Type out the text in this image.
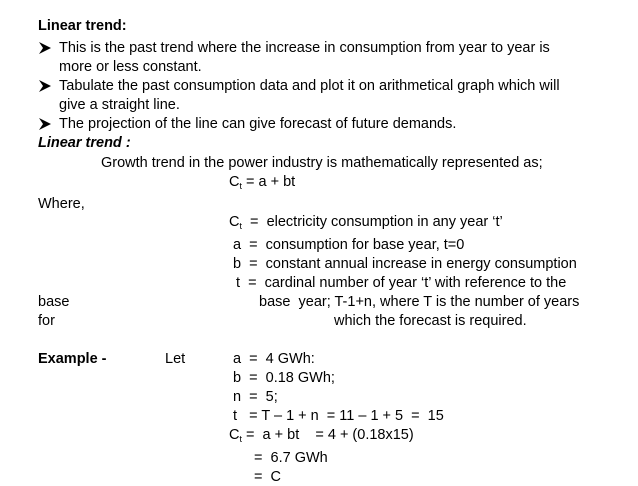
Linear trend:
This is the past trend where the increase in consumption from year to year is
more or less constant.
Tabulate the past consumption data and plot it on arithmetical graph which will
give a straight line.
The projection of the line can give forecast of future demands.
Linear trend :
Growth trend in the power industry is mathematically represented as;
$C_t = a$ + bt
Where,
$C_t$  =  electricity consumption in any year ‘t’
a  =  consumption for base year, t=0
b  =  constant annual increase in energy consumption
t  =  cardinal number of year ‘t’ with reference to the
base	base  year; T-1+n, where T is the number of years
for	which the forecast is required.
Example -	Let	a  =  4 GWh:
b  =  0.18 GWh;
n  =  5;
t   = T – 1 + n  = 11 – 1 + 5  =  15
$C_t = a$ + bt    = 4 + (0.18x15)
=  6.7 GWh
=  C
